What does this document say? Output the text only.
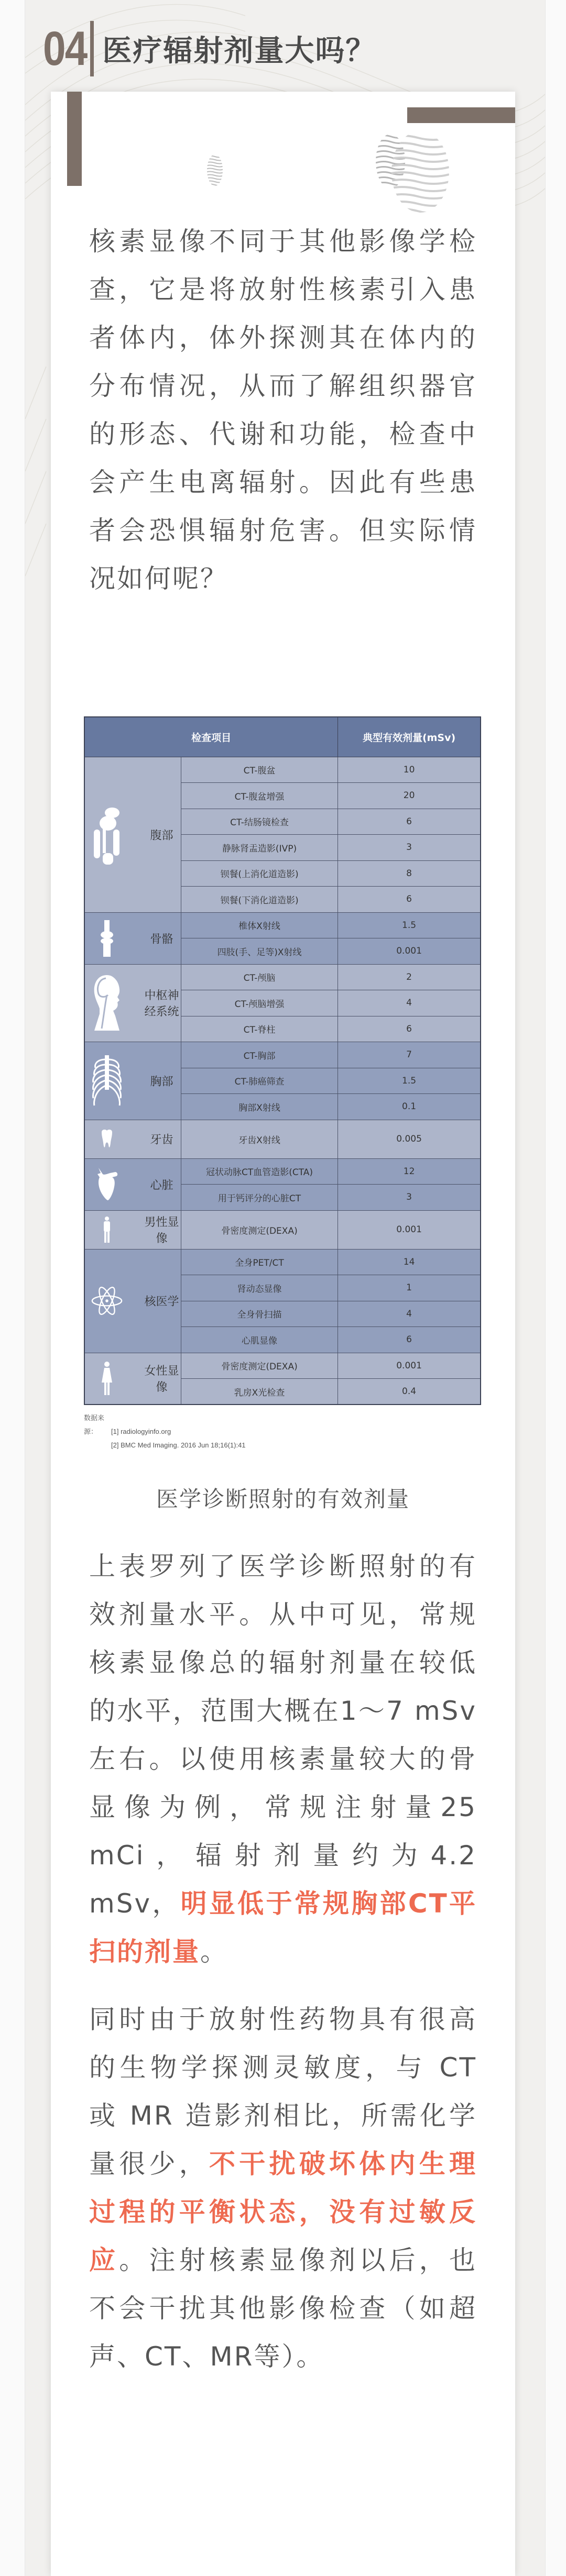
04 医疗辐射剂量大吗？

核素显像不同于其他影像学检查，它是将放射性核素引入患者体内，体外探测其在体内的分布情况，从而了解组织器官的形态、代谢和功能，检查中会产生电离辐射。因此有些患者会恐惧辐射危害。但实际情况如何呢？

检查项目		典型有效剂量(mSv)

腹部	CT-腹盆	10
	CT-腹盆增强	20
	CT-结肠镜检查	6
	静脉肾盂造影(IVP)	3
	钡餐(上消化道造影)	8
	钡餐(下消化道造影)	6

骨骼	椎体X射线	1.5
	四肢(手、足等)X射线	0.001

中枢神经系统	CT-颅脑	2
	CT-颅脑增强	4
	CT-脊柱	6

胸部	CT-胸部	7
	CT-肺癌筛查	1.5
	胸部X射线	0.1

牙齿	牙齿X射线	0.005

心脏	冠状动脉CT血管造影(CTA)	12
	用于钙评分的心脏CT	3

男性显像	骨密度测定(DEXA)	0.001

核医学	全身PET/CT	14
	肾动态显像	1
	全身骨扫描	4
	心肌显像	6

女性显像	骨密度测定(DEXA)	0.001
	乳房X光检查	0.4
数据来源： [1] radiologyinfo.org
[2] BMC Med Imaging. 2016 Jun 18;16(1):41
医学诊断照射的有效剂量

上表罗列了医学诊断照射的有效剂量水平。从中可见，常规核素显像总的辐射剂量在较低的水平，范围大概在1～7 mSv左右。以使用核素量较大的骨显像为例，常规注射量25 mCi，辐射剂量约为4.2 mSv，明显低于常规胸部CT平扫的剂量。

同时由于放射性药物具有很高的生物学探测灵敏度，与 CT 或 MR 造影剂相比，所需化学量很少，不干扰破坏体内生理过程的平衡状态，没有过敏反应。注射核素显像剂以后，也不会干扰其他影像检查（如超声、CT、MR等）。
